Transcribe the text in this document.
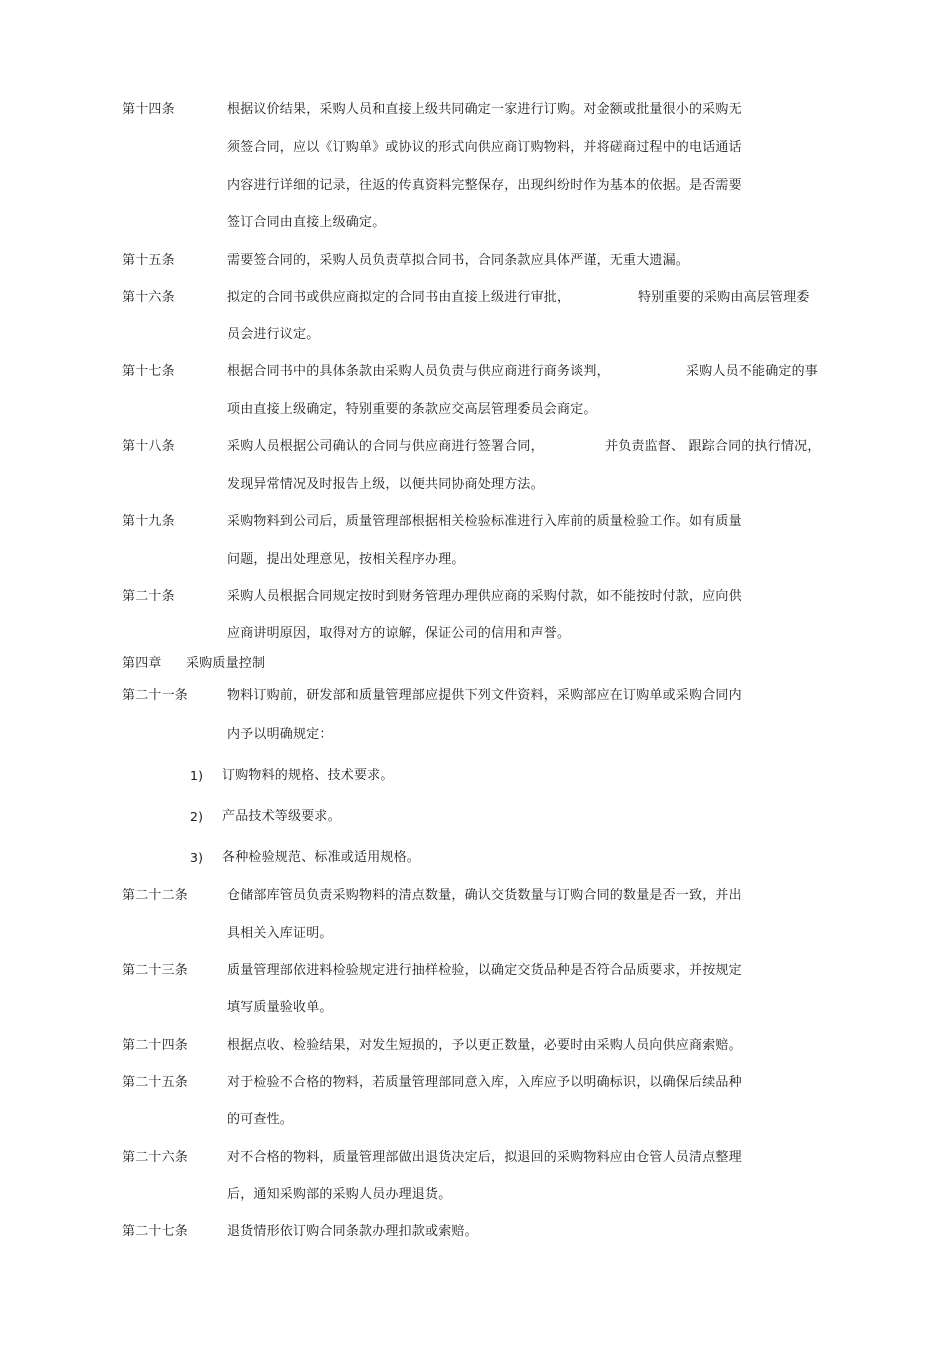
第十四条	根据议价结果，采购人员和直接上级共同确定一家进行订购。对金额或批量很小的采购无
须签合同，应以《订购单》或协议的形式向供应商订购物料，并将磋商过程中的电话通话
内容进行详细的记录，往返的传真资料完整保存，出现纠纷时作为基本的依据。是否需要
签订合同由直接上级确定。
第十五条	需要签合同的，采购人员负责草拟合同书，合同条款应具体严谨，无重大遗漏。
第十六条	拟定的合同书或供应商拟定的合同书由直接上级进行审批，	特别重要的采购由高层管理委
员会进行议定。
第十七条	根据合同书中的具体条款由采购人员负责与供应商进行商务谈判，	采购人员不能确定的事
项由直接上级确定，特别重要的条款应交高层管理委员会商定。
第十八条	采购人员根据公司确认的合同与供应商进行签署合同，	并负责监督、 跟踪合同的执行情况，
发现异常情况及时报告上级，以便共同协商处理方法。
第十九条	采购物料到公司后，质量管理部根据相关检验标准进行入库前的质量检验工作。如有质量
问题，提出处理意见，按相关程序办理。
第二十条	采购人员根据合同规定按时到财务管理办理供应商的采购付款，如不能按时付款，应向供
应商讲明原因，取得对方的谅解，保证公司的信用和声誉。
第四章 采购质量控制
第二十一条	物料订购前，研发部和质量管理部应提供下列文件资料，采购部应在订购单或采购合同内
内予以明确规定：
1) 订购物料的规格、技术要求。
2) 产品技术等级要求。
3) 各种检验规范、标准或适用规格。
第二十二条	仓储部库管员负责采购物料的清点数量，确认交货数量与订购合同的数量是否一致，并出
具相关入库证明。
第二十三条	质量管理部依进料检验规定进行抽样检验，以确定交货品种是否符合品质要求，并按规定
填写质量验收单。
第二十四条	根据点收、检验结果，对发生短损的，予以更正数量，必要时由采购人员向供应商索赔。
第二十五条	对于检验不合格的物料，若质量管理部同意入库，入库应予以明确标识，以确保后续品种
的可查性。
第二十六条	对不合格的物料，质量管理部做出退货决定后，拟退回的采购物料应由仓管人员清点整理
后，通知采购部的采购人员办理退货。
第二十七条	退货情形依订购合同条款办理扣款或索赔。
